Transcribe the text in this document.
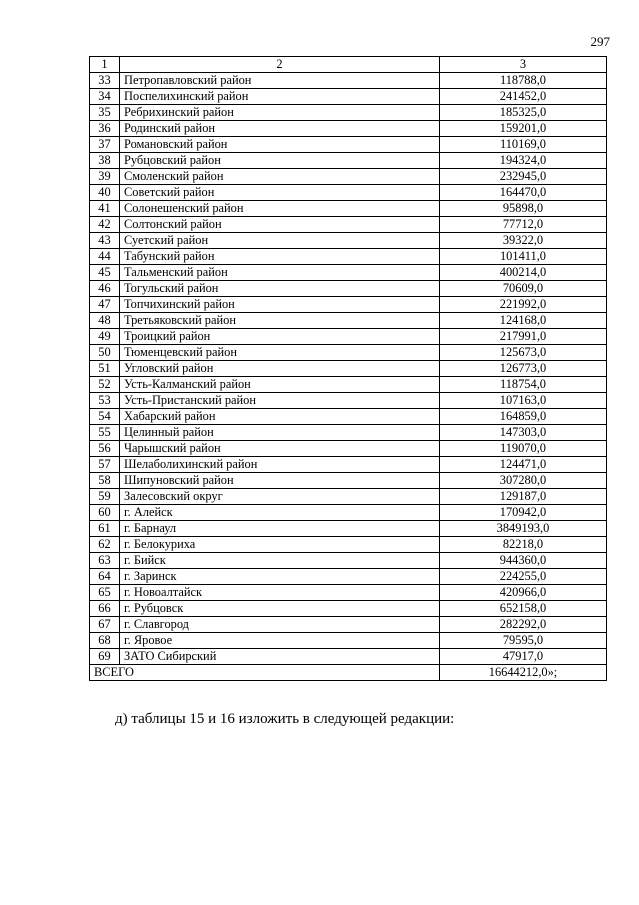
297
1	2	3
33	Петропавловский район	118788,0
34	Поспелихинский район	241452,0
35	Ребрихинский район	185325,0
36	Родинский район	159201,0
37	Романовский район	110169,0
38	Рубцовский район	194324,0
39	Смоленский район	232945,0
40	Советский район	164470,0
41	Солонешенский район	95898,0
42	Солтонский район	77712,0
43	Суетский район	39322,0
44	Табунский район	101411,0
45	Тальменский район	400214,0
46	Тогульский район	70609,0
47	Топчихинский район	221992,0
48	Третьяковский район	124168,0
49	Троицкий район	217991,0
50	Тюменцевский район	125673,0
51	Угловский район	126773,0
52	Усть-Калманский район	118754,0
53	Усть-Пристанский район	107163,0
54	Хабарский район	164859,0
55	Целинный район	147303,0
56	Чарышский район	119070,0
57	Шелаболихинский район	124471,0
58	Шипуновский район	307280,0
59	Залесовский округ	129187,0
60	г. Алейск	170942,0
61	г. Барнаул	3849193,0
62	г. Белокуриха	82218,0
63	г. Бийск	944360,0
64	г. Заринск	224255,0
65	г. Новоалтайск	420966,0
66	г. Рубцовск	652158,0
67	г. Славгород	282292,0
68	г. Яровое	79595,0
69	ЗАТО Сибирский	47917,0
ВСЕГО		16644212,0»;
д) таблицы 15 и 16 изложить в следующей редакции:
